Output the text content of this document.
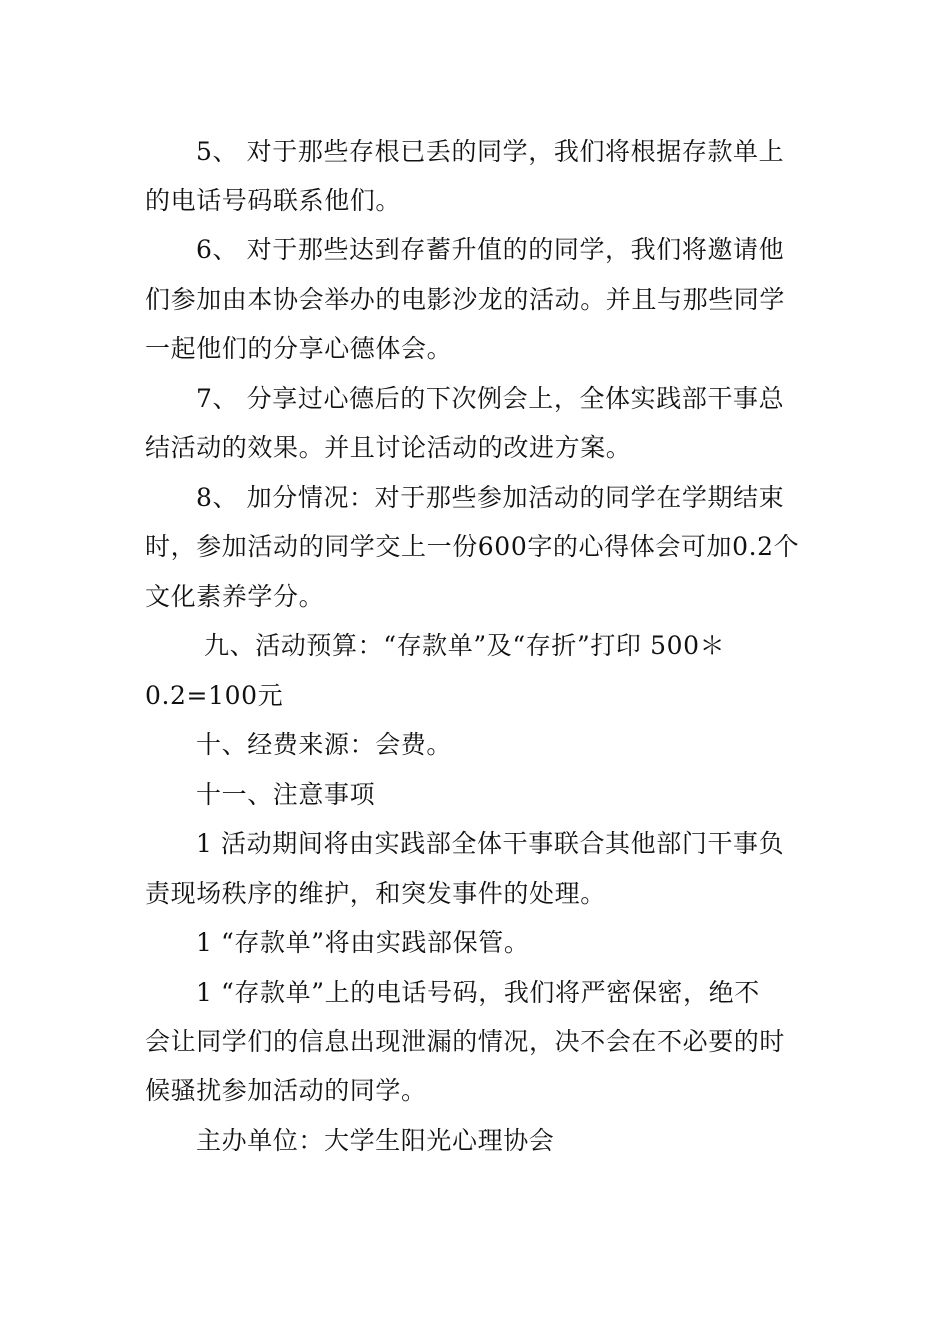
5、 对于那些存根已丢的同学，我们将根据存款单上
的电话号码联系他们。
6、 对于那些达到存蓄升值的的同学，我们将邀请他
们参加由本协会举办的电影沙龙的活动。并且与那些同学
一起他们的分享心德体会。
7、 分享过心德后的下次例会上，全体实践部干事总
结活动的效果。并且讨论活动的改进方案。
8、 加分情况：对于那些参加活动的同学在学期结束
时，参加活动的同学交上一份600字的心得体会可加0.2个
文化素养学分。
九、活动预算：“存款单”及“存折”打印 500＊
0.2=100元
十、经费来源：会费。
十一、注意事项
1 活动期间将由实践部全体干事联合其他部门干事负
责现场秩序的维护，和突发事件的处理。
1 “存款单”将由实践部保管。
1 “存款单”上的电话号码，我们将严密保密，绝不
会让同学们的信息出现泄漏的情况，决不会在不必要的时
候骚扰参加活动的同学。
主办单位：大学生阳光心理协会
